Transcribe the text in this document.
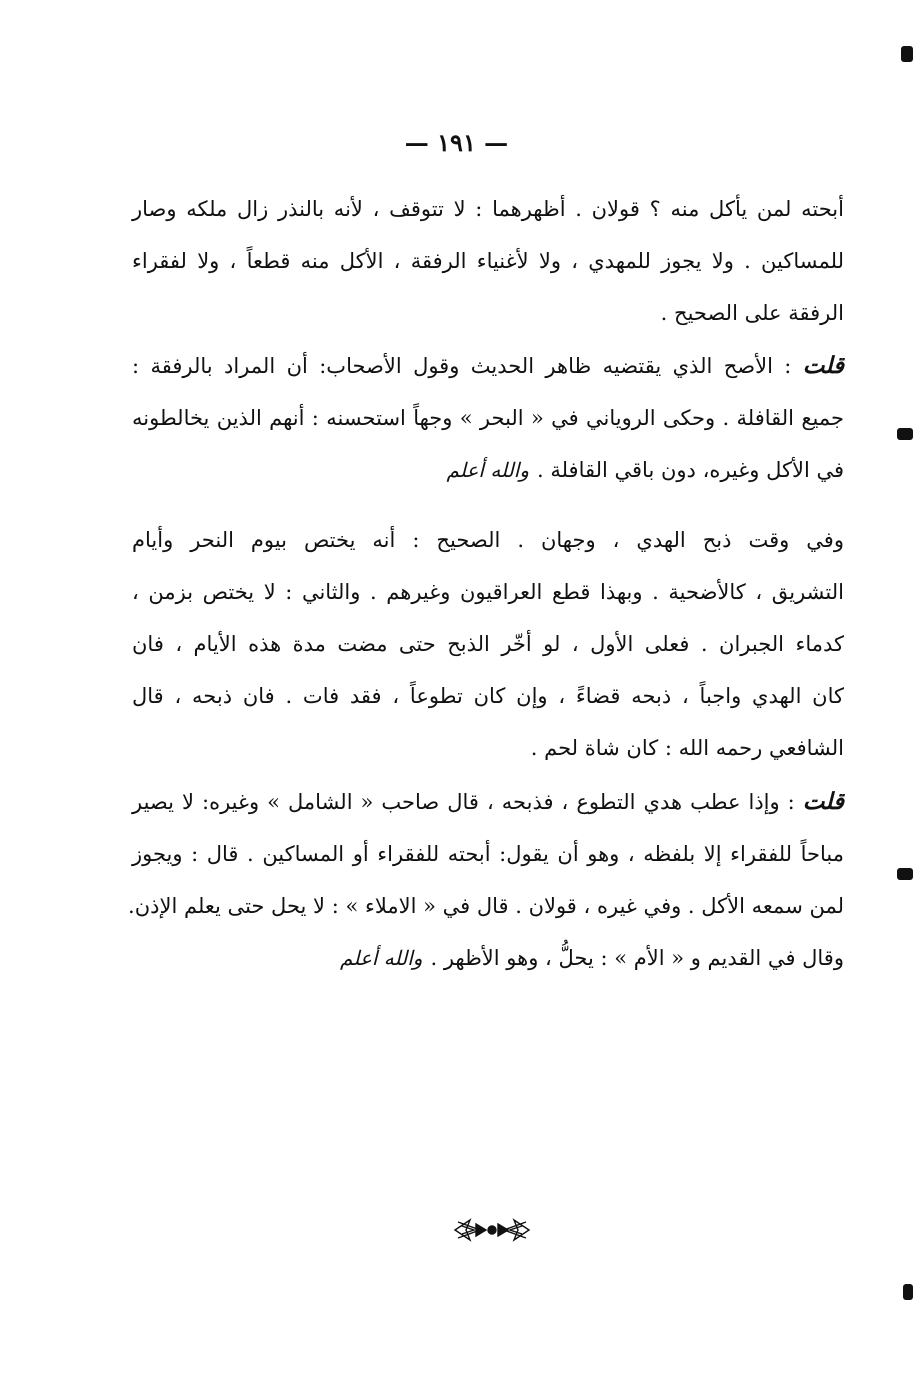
— ١٩١ —
أبحته لمن يأكل منه ؟ قولان . أظهرهما : لا تتوقف ، لأنه بالنذر زال ملكه وصار
للمساكين . ولا يجوز للمهدي ، ولا لأغنياء الرفقة ، الأكل منه قطعاً ، ولا لفقراء
الرفقة على الصحيح .
قلت : الأصح الذي يقتضيه ظاهر الحديث وقول الأصحاب: أن المراد بالرفقة :
جميع القافلة . وحكى الروياني في « البحر » وجهاً استحسنه : أنهم الذين يخالطونه
في الأكل وغيره، دون باقي القافلة .والله أعلم
وفي وقت ذبح الهدي ، وجهان . الصحيح : أنه يختص بيوم النحر وأيام
التشريق ، كالأضحية . وبهذا قطع العراقيون وغيرهم . والثاني : لا يختص بزمن ،
كدماء الجبران . فعلى الأول ، لو أخّر الذبح حتى مضت مدة هذه الأيام ، فان
كان الهدي واجباً ، ذبحه قضاءً ، وإن كان تطوعاً ، فقد فات . فان ذبحه ، قال
الشافعي رحمه الله : كان شاة لحم .
قلت : وإذا عطب هدي التطوع ، فذبحه ، قال صاحب « الشامل » وغيره: لا يصير
مباحاً للفقراء إلا بلفظه ، وهو أن يقول: أبحته للفقراء أو المساكين . قال : ويجوز
لمن سمعه الأكل . وفي غيره ، قولان . قال في « الاملاء » : لا يحل حتى يعلم الإذن.
وقال في القديم و « الأم » : يحلُّ ، وهو الأظهر .والله أعلم
